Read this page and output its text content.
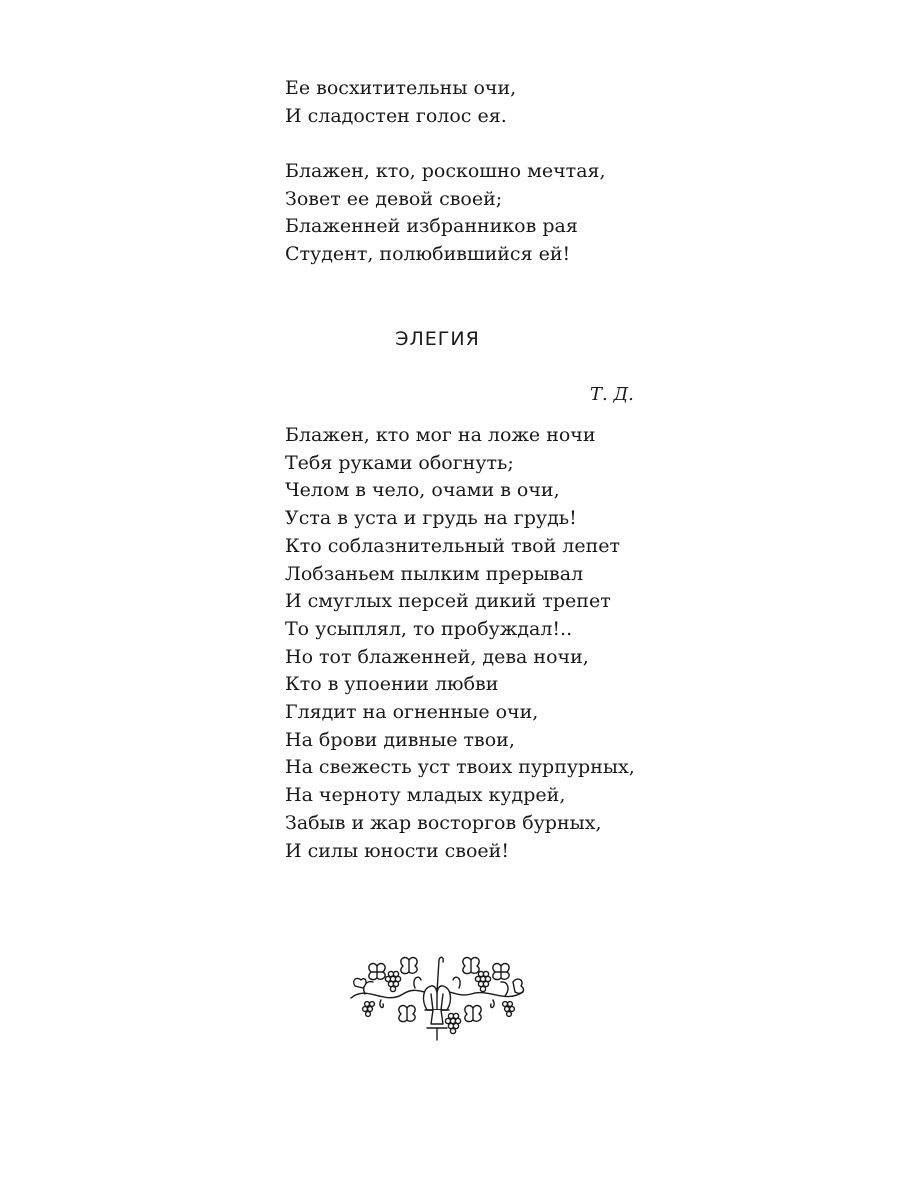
Ее восхитительны очи,
И сладостен голос ея.
Блажен, кто, роскошно мечтая,
Зовет ее девой своей;
Блаженней избранников рая
Студент, полюбившийся ей!
ЭЛЕГИЯ
Т. Д.
Блажен, кто мог на ложе ночи
Тебя руками обогнуть;
Челом в чело, очами в очи,
Уста в уста и грудь на грудь!
Кто соблазнительный твой лепет
Лобзаньем пылким прерывал
И смуглых персей дикий трепет
То усыплял, то пробуждал!..
Но тот блаженней, дева ночи,
Кто в упоении любви
Глядит на огненные очи,
На брови дивные твои,
На свежесть уст твоих пурпурных,
На черноту младых кудрей,
Забыв и жар восторгов бурных,
И силы юности своей!
